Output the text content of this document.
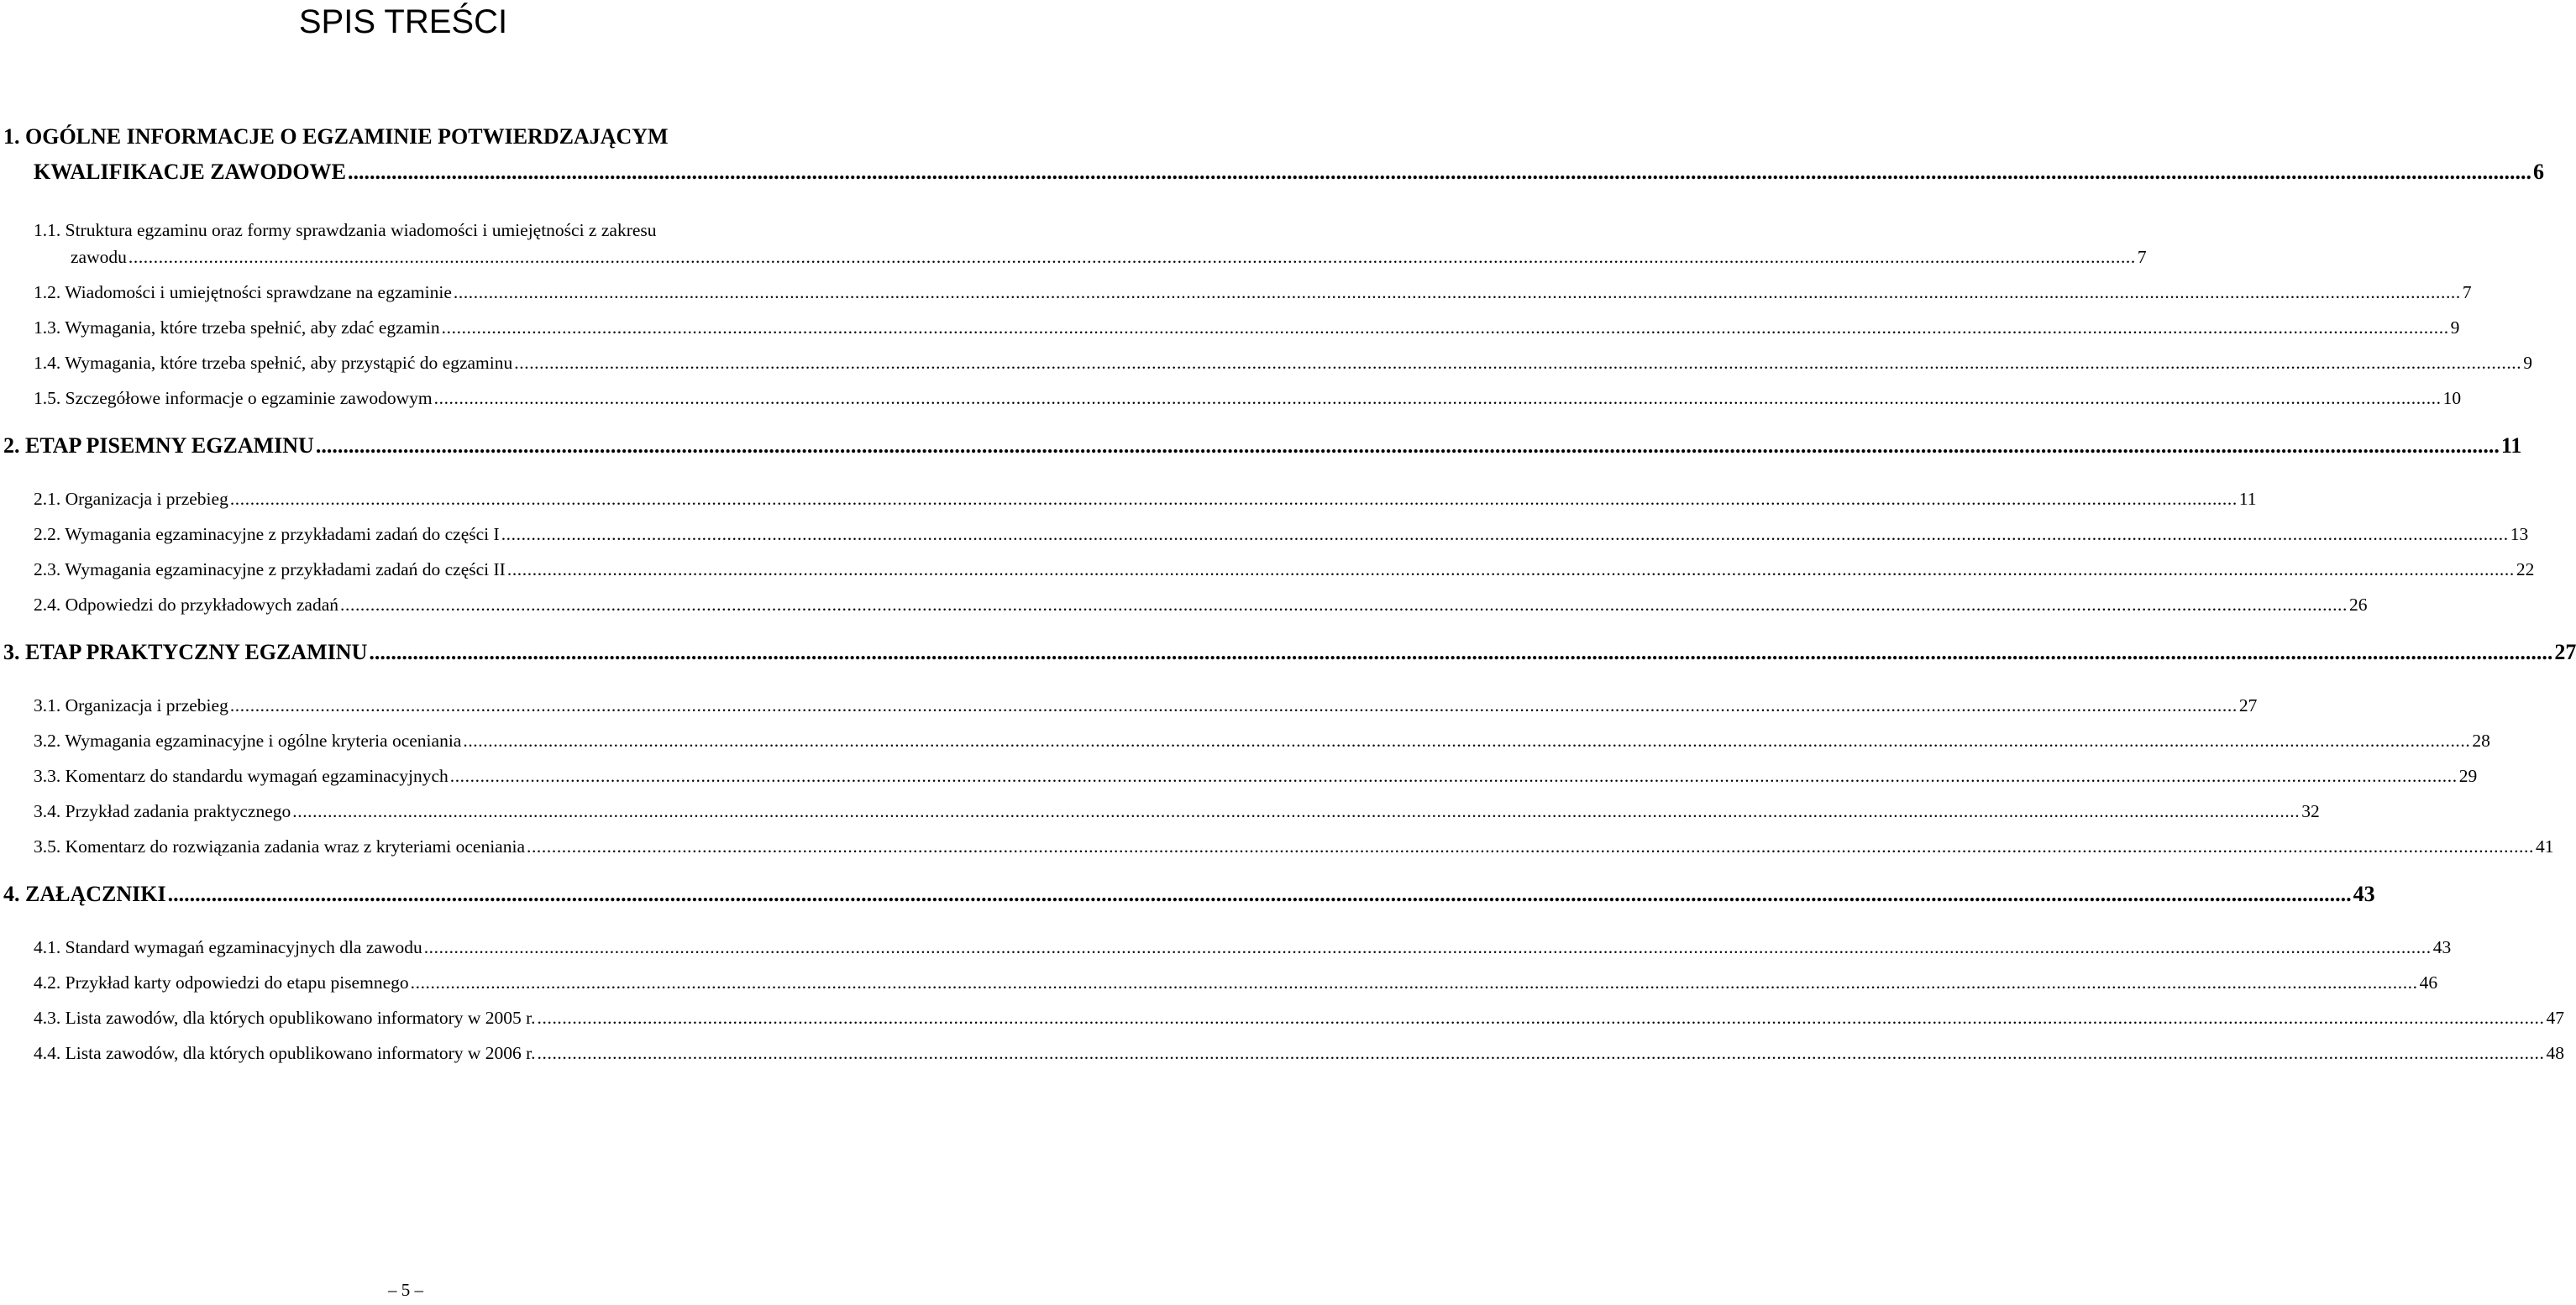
SPIS TREŚCI
1. OGÓLNE INFORMACJE O EGZAMINIE POTWIERDZAJĄCYM
KWALIFIKACJE ZAWODOWE ................................................................................................................................................................................................................................................................................................................................................................................................................ 6
1.1. Struktura egzaminu oraz formy sprawdzania wiadomości i umiejętności z zakresu
zawodu ................................................................................................................................................................................................................................................................................................................................................................................................................ 7
1.2. Wiadomości i umiejętności sprawdzane na egzaminie ................................................................................................................................................................................................................................................................................................................................................................................................................ 7
1.3. Wymagania, które trzeba spełnić, aby zdać egzamin ................................................................................................................................................................................................................................................................................................................................................................................................................ 9
1.4. Wymagania, które trzeba spełnić, aby przystąpić do egzaminu ................................................................................................................................................................................................................................................................................................................................................................................................................ 9
1.5. Szczegółowe informacje o egzaminie zawodowym ................................................................................................................................................................................................................................................................................................................................................................................................................ 10
2. ETAP PISEMNY EGZAMINU ................................................................................................................................................................................................................................................................................................................................................................................................................ 11
2.1. Organizacja i przebieg ................................................................................................................................................................................................................................................................................................................................................................................................................ 11
2.2. Wymagania egzaminacyjne z przykładami zadań do części I ................................................................................................................................................................................................................................................................................................................................................................................................................ 13
2.3. Wymagania egzaminacyjne z przykładami zadań do części II ................................................................................................................................................................................................................................................................................................................................................................................................................ 22
2.4. Odpowiedzi do przykładowych zadań ................................................................................................................................................................................................................................................................................................................................................................................................................ 26
3. ETAP PRAKTYCZNY EGZAMINU ................................................................................................................................................................................................................................................................................................................................................................................................................ 27
3.1. Organizacja i przebieg ................................................................................................................................................................................................................................................................................................................................................................................................................ 27
3.2. Wymagania egzaminacyjne i ogólne kryteria oceniania ................................................................................................................................................................................................................................................................................................................................................................................................................ 28
3.3. Komentarz do standardu wymagań egzaminacyjnych ................................................................................................................................................................................................................................................................................................................................................................................................................ 29
3.4. Przykład zadania praktycznego ................................................................................................................................................................................................................................................................................................................................................................................................................ 32
3.5. Komentarz do rozwiązania zadania wraz z kryteriami oceniania ................................................................................................................................................................................................................................................................................................................................................................................................................ 41
4. ZAŁĄCZNIKI ................................................................................................................................................................................................................................................................................................................................................................................................................ 43
4.1. Standard wymagań egzaminacyjnych dla zawodu ................................................................................................................................................................................................................................................................................................................................................................................................................ 43
4.2. Przykład karty odpowiedzi do etapu pisemnego ................................................................................................................................................................................................................................................................................................................................................................................................................ 46
4.3. Lista zawodów, dla których opublikowano informatory w 2005 r. ................................................................................................................................................................................................................................................................................................................................................................................................................ 47
4.4. Lista zawodów, dla których opublikowano informatory w 2006 r. ................................................................................................................................................................................................................................................................................................................................................................................................................ 48
– 5 –
